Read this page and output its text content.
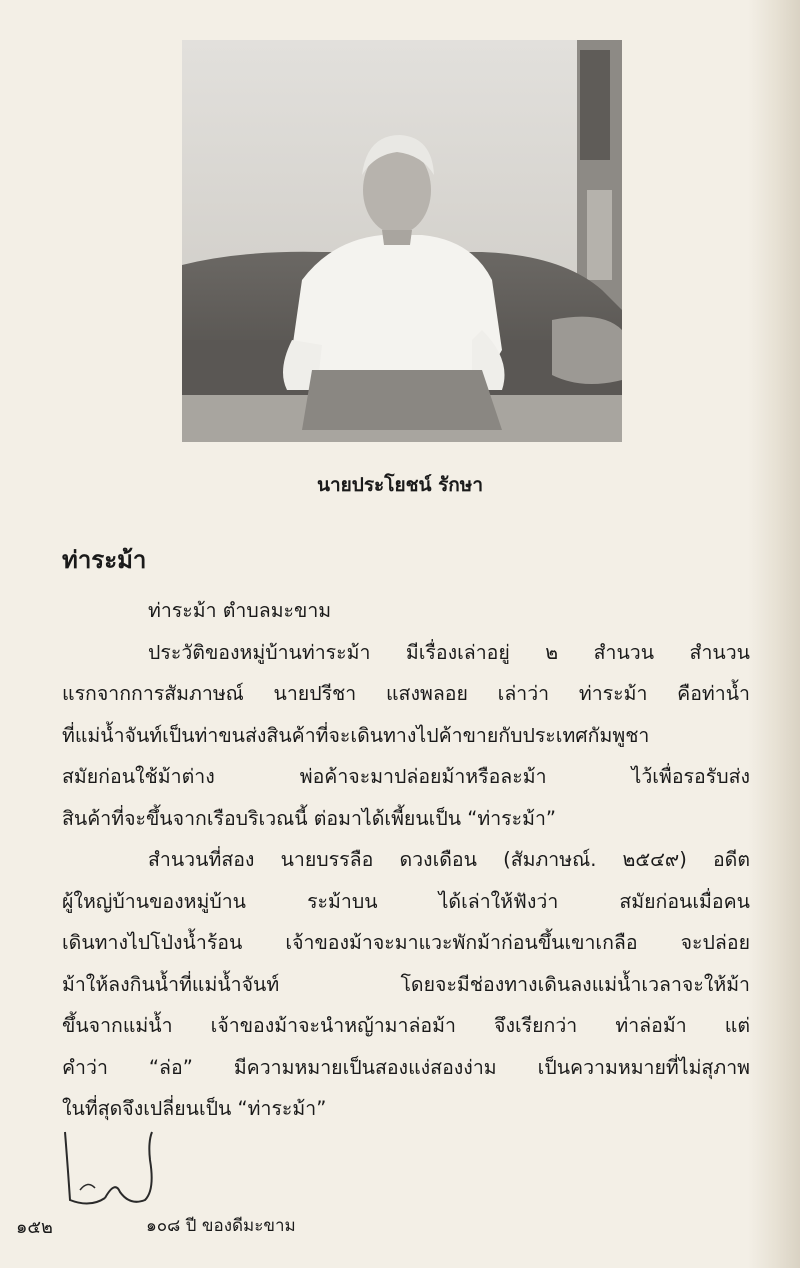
นายประโยชน์ รักษา
ท่าระม้า
ท่าระม้า ตำบลมะขาม
ประวัติของหมู่บ้านท่าระม้า มีเรื่องเล่าอยู่ ๒ สำนวน สำนวน
แรกจากการสัมภาษณ์ นายปรีชา แสงพลอย เล่าว่า ท่าระม้า คือท่าน้ำ
ที่แม่น้ำจันท์เป็นท่าขนส่งสินค้าที่จะเดินทางไปค้าขายกับประเทศกัมพูชา
สมัยก่อนใช้ม้าต่าง พ่อค้าจะมาปล่อยม้าหรือละม้า ไว้เพื่อรอรับส่ง
สินค้าที่จะขึ้นจากเรือบริเวณนี้ ต่อมาได้เพี้ยนเป็น “ท่าระม้า”
สำนวนที่สอง นายบรรลือ ดวงเดือน (สัมภาษณ์. ๒๕๔๙) อดีต
ผู้ใหญ่บ้านของหมู่บ้าน ระม้าบน ได้เล่าให้ฟังว่า สมัยก่อนเมื่อคน
เดินทางไปโป่งน้ำร้อน เจ้าของม้าจะมาแวะพักม้าก่อนขึ้นเขาเกลือ จะปล่อย
ม้าให้ลงกินน้ำที่แม่น้ำจันท์ โดยจะมีช่องทางเดินลงแม่น้ำเวลาจะให้ม้า
ขึ้นจากแม่น้ำ เจ้าของม้าจะนำหญ้ามาล่อม้า จึงเรียกว่า ท่าล่อม้า แต่
คำว่า “ล่อ” มีความหมายเป็นสองแง่สองง่าม เป็นความหมายที่ไม่สุภาพ
ในที่สุดจึงเปลี่ยนเป็น “ท่าระม้า”
๑๕๒	๑๐๘ ปี ของดีมะขาม
